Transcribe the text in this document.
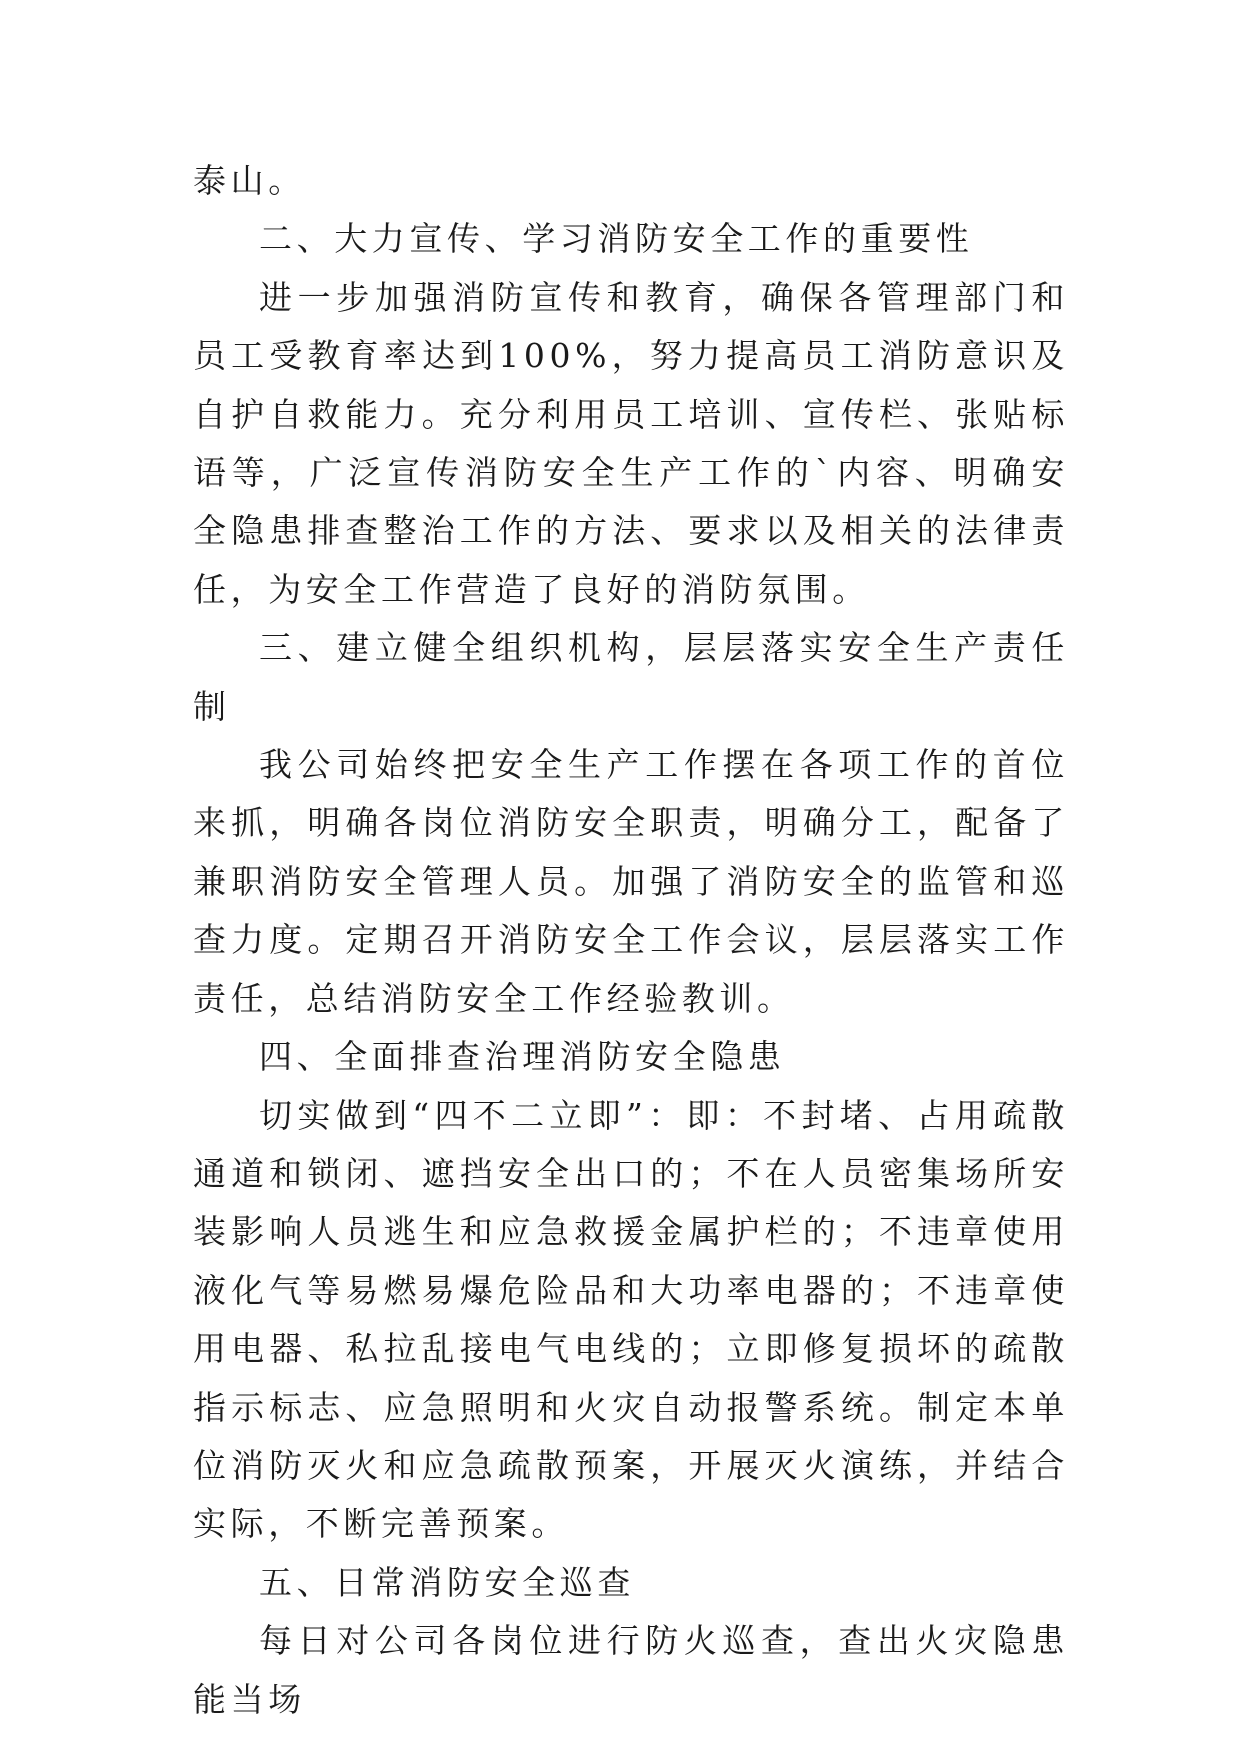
泰山。

二、大力宣传、学习消防安全工作的重要性

进一步加强消防宣传和教育，确保各管理部门和员工受教育率达到100%，努力提高员工消防意识及自护自救能力。充分利用员工培训、宣传栏、张贴标语等，广泛宣传消防安全生产工作的`内容、明确安全隐患排查整治工作的方法、要求以及相关的法律责任，为安全工作营造了良好的消防氛围。

三、建立健全组织机构，层层落实安全生产责任制

我公司始终把安全生产工作摆在各项工作的首位来抓，明确各岗位消防安全职责，明确分工，配备了兼职消防安全管理人员。加强了消防安全的监管和巡查力度。定期召开消防安全工作会议，层层落实工作责任，总结消防安全工作经验教训。

四、全面排查治理消防安全隐患

切实做到“四不二立即”：即：不封堵、占用疏散通道和锁闭、遮挡安全出口的；不在人员密集场所安装影响人员逃生和应急救援金属护栏的；不违章使用液化气等易燃易爆危险品和大功率电器的；不违章使用电器、私拉乱接电气电线的；立即修复损坏的疏散指示标志、应急照明和火灾自动报警系统。制定本单位消防灭火和应急疏散预案，开展灭火演练，并结合实际，不断完善预案。

五、日常消防安全巡查

每日对公司各岗位进行防火巡查，查出火灾隐患能当场
